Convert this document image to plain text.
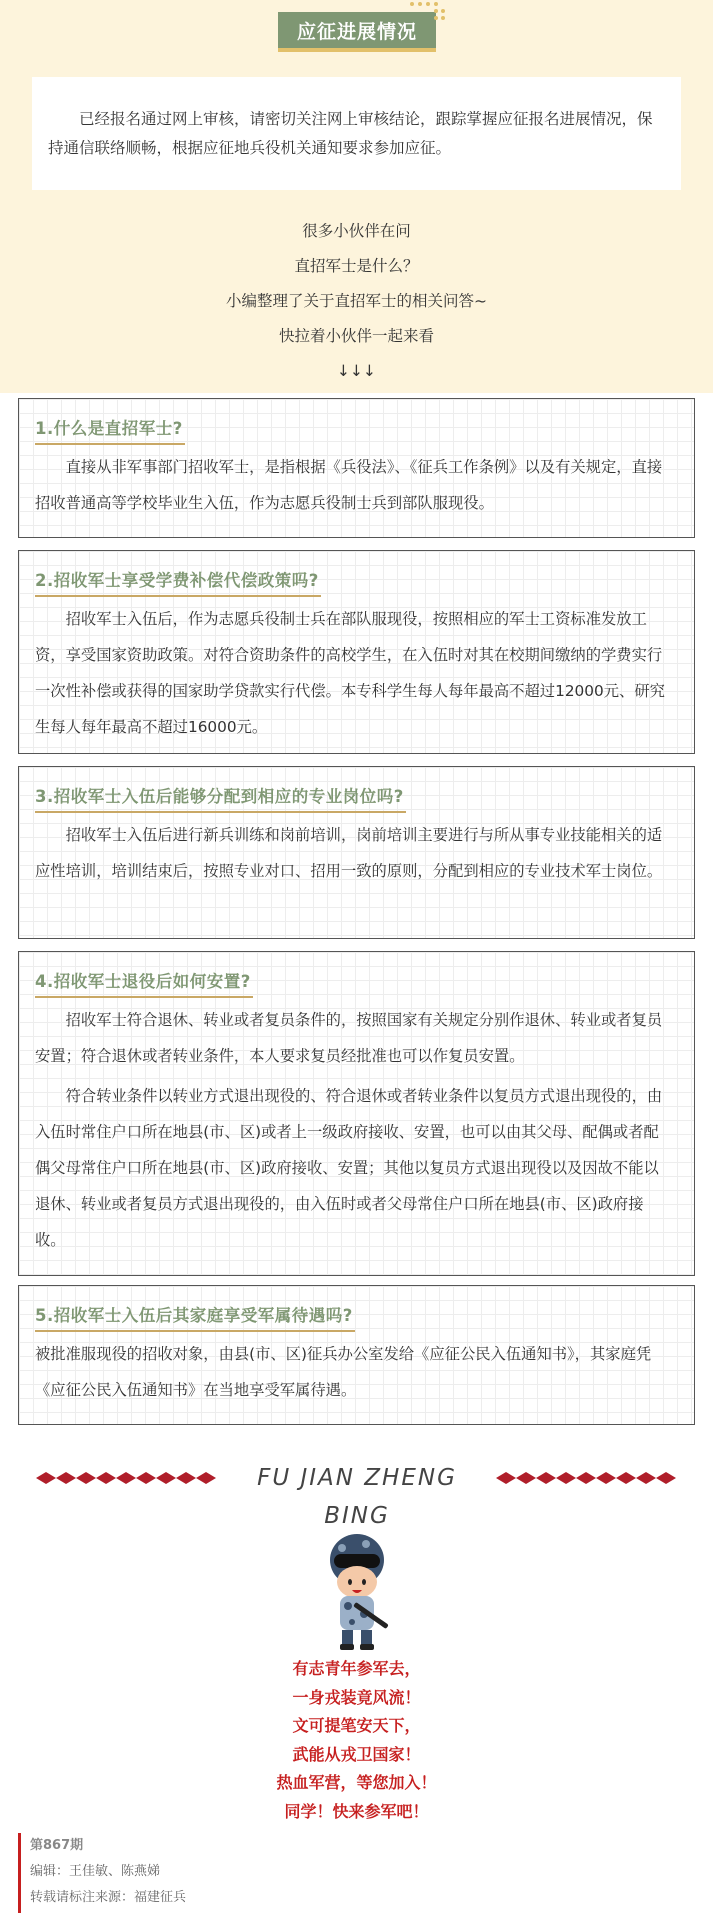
应征进展情况
已经报名通过网上审核，请密切关注网上审核结论，跟踪掌握应征报名进展情况，保持通信联络顺畅，根据应征地兵役机关通知要求参加应征。
很多小伙伴在问
直招军士是什么？
小编整理了关于直招军士的相关问答~
快拉着小伙伴一起来看
↓↓↓
1.什么是直招军士?

直接从非军事部门招收军士，是指根据《兵役法》、《征兵工作条例》以及有关规定，直接招收普通高等学校毕业生入伍，作为志愿兵役制士兵到部队服现役。

2.招收军士享受学费补偿代偿政策吗?

招收军士入伍后，作为志愿兵役制士兵在部队服现役，按照相应的军士工资标准发放工资，享受国家资助政策。对符合资助条件的高校学生，在入伍时对其在校期间缴纳的学费实行一次性补偿或获得的国家助学贷款实行代偿。本专科学生每人每年最高不超过12000元、研究生每人每年最高不超过16000元。

3.招收军士入伍后能够分配到相应的专业岗位吗?

招收军士入伍后进行新兵训练和岗前培训，岗前培训主要进行与所从事专业技能相关的适应性培训，培训结束后，按照专业对口、招用一致的原则，分配到相应的专业技术军士岗位。

4.招收军士退役后如何安置?

招收军士符合退休、转业或者复员条件的，按照国家有关规定分别作退休、转业或者复员安置；符合退休或者转业条件，本人要求复员经批准也可以作复员安置。

符合转业条件以转业方式退出现役的、符合退休或者转业条件以复员方式退出现役的，由入伍时常住户口所在地县(市、区)或者上一级政府接收、安置，也可以由其父母、配偶或者配偶父母常住户口所在地县(市、区)政府接收、安置；其他以复员方式退出现役以及因故不能以退休、转业或者复员方式退出现役的，由入伍时或者父母常住户口所在地县(市、区)政府接收。

5.招收军士入伍后其家庭享受军属待遇吗?

被批准服现役的招收对象，由县(市、区)征兵办公室发给《应征公民入伍通知书》，其家庭凭《应征公民入伍通知书》在当地享受军属待遇。

FU JIAN ZHENG BING
有志青年参军去，
一身戎装竟风流！
文可提笔安天下，
武能从戎卫国家！
热血军营，等您加入！
同学！快来参军吧！
第867期
编辑：王佳敏、陈燕娣
转载请标注来源：福建征兵
